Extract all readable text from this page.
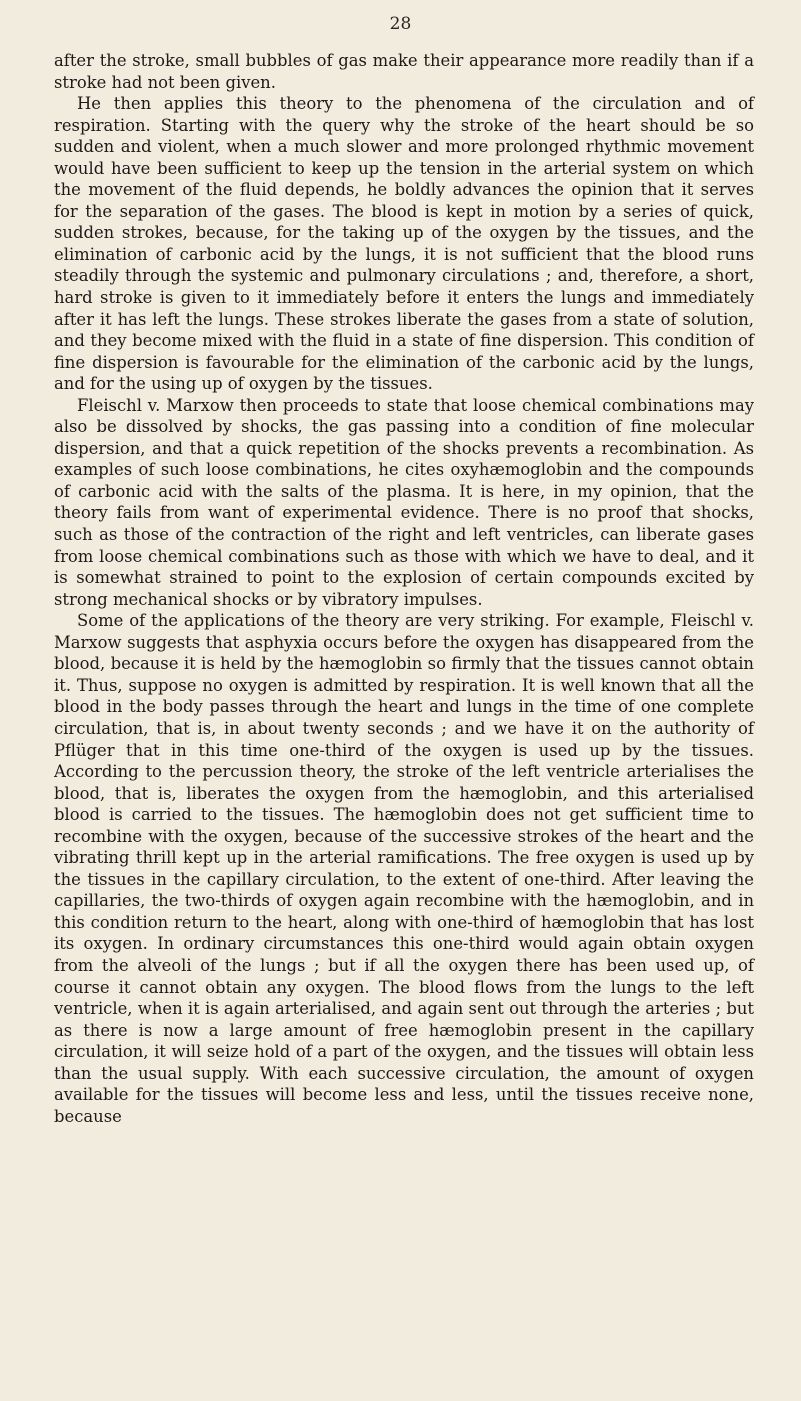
28

after the stroke, small bubbles of gas make their appearance more readily than if a stroke had not been given.

He then applies this theory to the phenomena of the circulation and of respiration. Starting with the query why the stroke of the heart should be so sudden and violent, when a much slower and more prolonged rhythmic movement would have been sufficient to keep up the tension in the arterial system on which the movement of the fluid depends, he boldly advances the opinion that it serves for the separation of the gases. The blood is kept in motion by a series of quick, sudden strokes, because, for the taking up of the oxygen by the tissues, and the elimination of carbonic acid by the lungs, it is not sufficient that the blood runs steadily through the systemic and pulmonary circulations ; and, therefore, a short, hard stroke is given to it immediately before it enters the lungs and immediately after it has left the lungs. These strokes liberate the gases from a state of solution, and they become mixed with the fluid in a state of fine dispersion. This condition of fine dispersion is favourable for the elimination of the carbonic acid by the lungs, and for the using up of oxygen by the tissues.

Fleischl v. Marxow then proceeds to state that loose chemical combinations may also be dissolved by shocks, the gas passing into a condition of fine molecular dispersion, and that a quick repetition of the shocks prevents a recombination. As examples of such loose combinations, he cites oxyhæmoglobin and the compounds of carbonic acid with the salts of the plasma. It is here, in my opinion, that the theory fails from want of experimental evidence. There is no proof that shocks, such as those of the contraction of the right and left ventricles, can liberate gases from loose chemical combinations such as those with which we have to deal, and it is somewhat strained to point to the explosion of certain compounds excited by strong mechanical shocks or by vibratory impulses.

Some of the applications of the theory are very striking. For example, Fleischl v. Marxow suggests that asphyxia occurs before the oxygen has disappeared from the blood, because it is held by the hæmoglobin so firmly that the tissues cannot obtain it. Thus, suppose no oxygen is admitted by respiration. It is well known that all the blood in the body passes through the heart and lungs in the time of one complete circulation, that is, in about twenty seconds ; and we have it on the authority of Pflüger that in this time one-third of the oxygen is used up by the tissues. According to the percussion theory, the stroke of the left ventricle arterialises the blood, that is, liberates the oxygen from the hæmoglobin, and this arterialised blood is carried to the tissues. The hæmoglobin does not get sufficient time to recombine with the oxygen, because of the successive strokes of the heart and the vibrating thrill kept up in the arterial ramifications. The free oxygen is used up by the tissues in the capillary circulation, to the extent of one-third. After leaving the capillaries, the two-thirds of oxygen again recombine with the hæmoglobin, and in this condition return to the heart, along with one-third of hæmoglobin that has lost its oxygen. In ordinary circumstances this one-third would again obtain oxygen from the alveoli of the lungs ; but if all the oxygen there has been used up, of course it cannot obtain any oxygen. The blood flows from the lungs to the left ventricle, when it is again arterialised, and again sent out through the arteries ; but as there is now a large amount of free hæmoglobin present in the capillary circulation, it will seize hold of a part of the oxygen, and the tissues will obtain less than the usual supply. With each successive circulation, the amount of oxygen available for the tissues will become less and less, until the tissues receive none, because
